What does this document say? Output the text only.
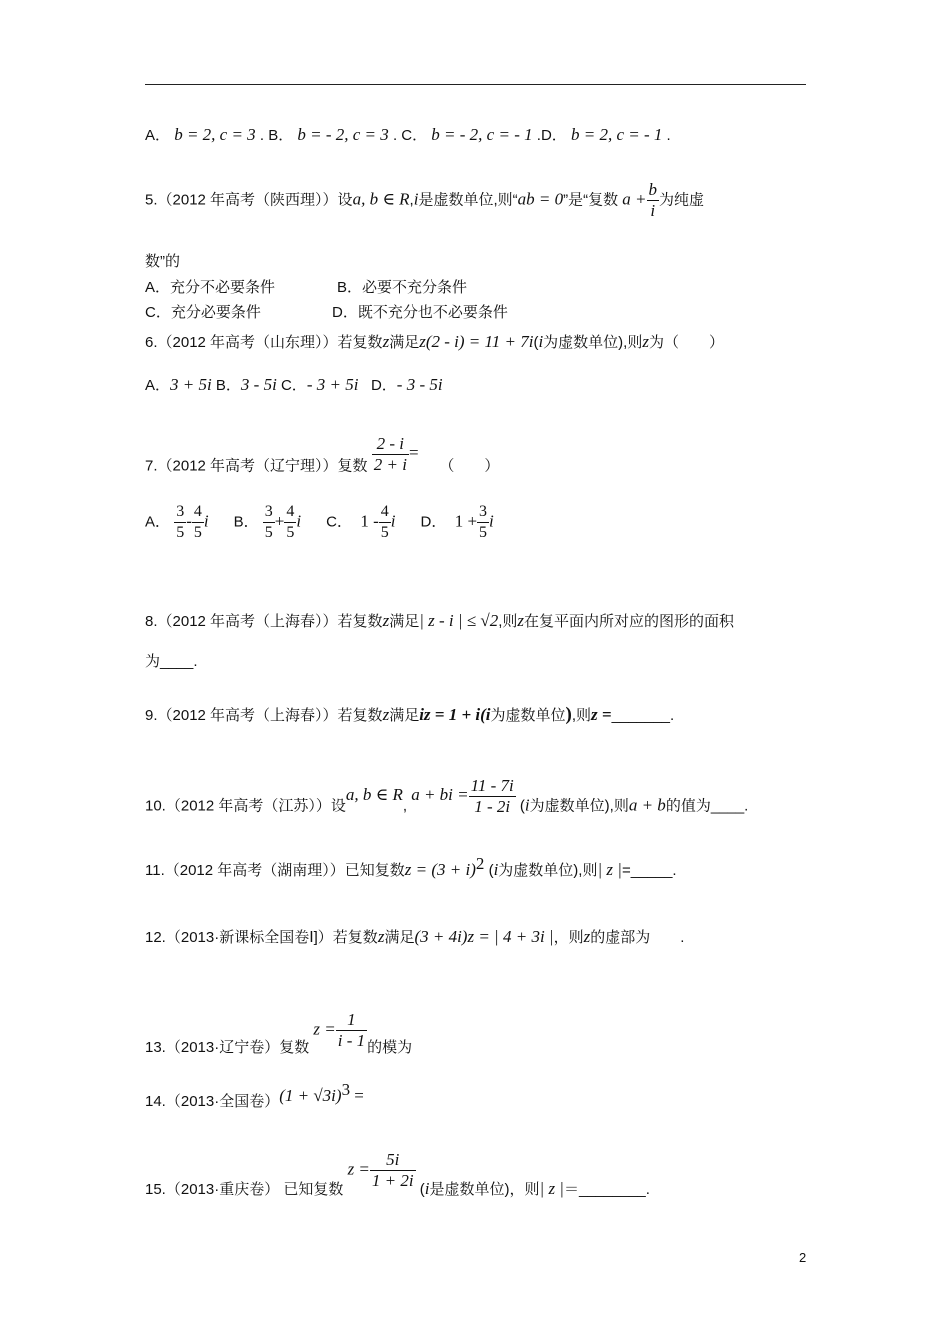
A． b = 2, c = 3 . B． b = - 2, c = 3 . C． b = - 2, c = - 1 .D． b = 2, c = - 1 .
5.（2012 年高考（陕西理））设a, b ∈ R,i是虚数单位,则“ab = 0”是“复数 $a + \frac{b}{i}$ 为纯虚
数”的
A．充分不必要条件	B．必要不充分条件
C．充分必要条件	D．既不充分也不必要条件
6.（2012 年高考（山东理））若复数z满足z(2 - i) = 11 + 7i(i为虚数单位),则z为（　　）
A．3 + 5i B．3 - 5i C．- 3 + 5i D．- 3 - 5i
7.（2012 年高考（辽宁理））复数 $\frac{2 - i}{2 + i}$ =     （　　）
A． $\frac{3}{5} - \frac{4}{5}$ i B． $\frac{3}{5} + \frac{4}{5}$ i C． $1 - \frac{4}{5}$ i D． $1 + \frac{3}{5}$ i
8.（2012 年高考（上海春））若复数z满足| z - i | ≤ √2,则z在复平面内所对应的图形的面积
为____.
9.（2012 年高考（上海春））若复数z满足iz = 1 + i(i为虚数单位),则z =_______.
10.（2012 年高考（江苏））设a, b ∈ R, a + bi = $\frac{11 - 7i}{1 - 2i} (i$为虚数单位),则a + b的值为____.
11.（2012 年高考（湖南理））已知复数$z = (3 + i)^2$ (i为虚数单位),则| z |=_____.
12.（2013·新课标全国卷Ⅰ]）若复数z满足(3 + 4i)z = | 4 + 3i |，则z的虚部为　　.
13.（2013·辽宁卷）复数 $z = \frac{1}{i - 1}$ 的模为
14.（2013·全国卷）$(1 + √3i)^3$ =
15.（2013·重庆卷） 已知复数 $z = \frac{5i}{1 + 2i} (i$是虚数单位)，则| z |＝________.
2
